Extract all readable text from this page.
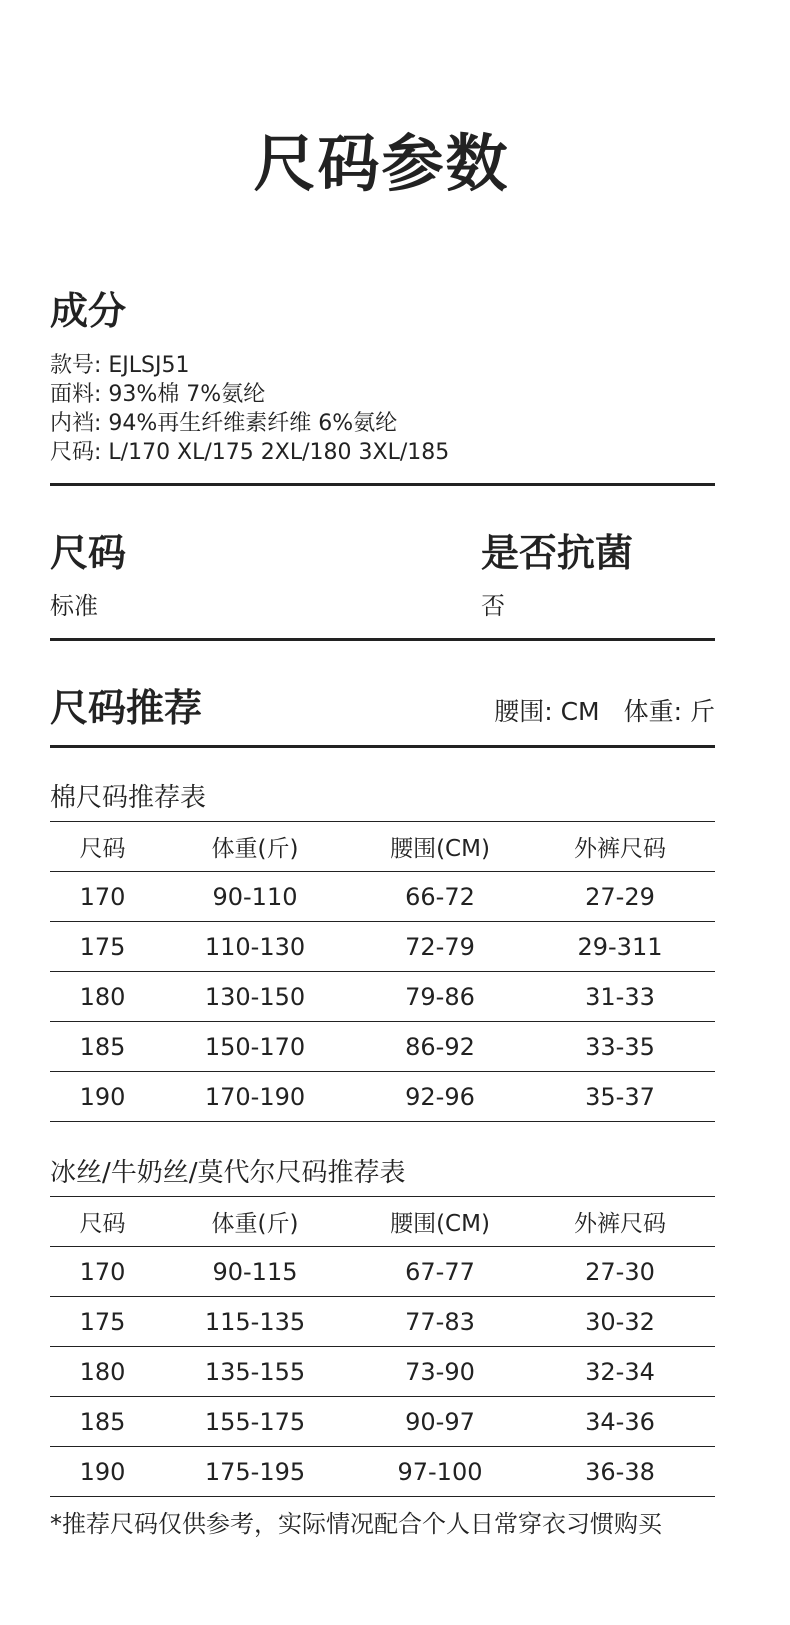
尺码参数
成分
款号: EJLSJ51
面料: 93%棉 7%氨纶
内裆: 94%再生纤维素纤维 6%氨纶
尺码: L/170 XL/175 2XL/180 3XL/185
尺码
标准
是否抗菌
否
尺码推荐	腰围: CM 体重: 斤
棉尺码推荐表
尺码	体重(斤)	腰围(CM)	外裤尺码
170	90-110	66-72	27-29
175	110-130	72-79	29-311
180	130-150	79-86	31-33
185	150-170	86-92	33-35
190	170-190	92-96	35-37
冰丝/牛奶丝/莫代尔尺码推荐表
尺码	体重(斤)	腰围(CM)	外裤尺码
170	90-115	67-77	27-30
175	115-135	77-83	30-32
180	135-155	73-90	32-34
185	155-175	90-97	34-36
190	175-195	97-100	36-38
*推荐尺码仅供参考，实际情况配合个人日常穿衣习惯购买
